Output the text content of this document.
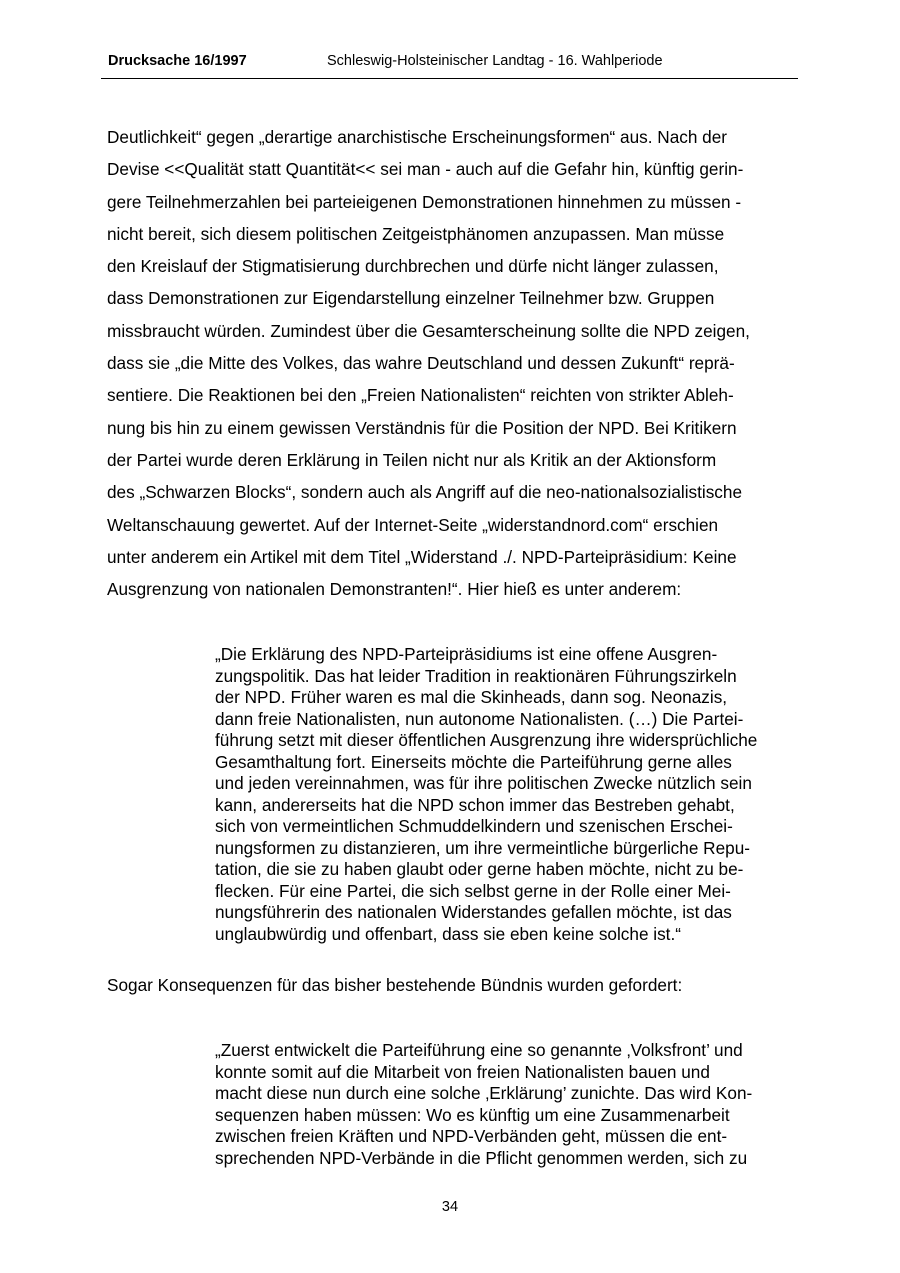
Drucksache 16/1997	Schleswig-Holsteinischer Landtag - 16. Wahlperiode
Deutlichkeit“ gegen „derartige anarchistische Erscheinungsformen“ aus. Nach der
Devise <<Qualität statt Quantität<< sei man - auch auf die Gefahr hin, künftig gerin-
gere Teilnehmerzahlen bei parteieigenen Demonstrationen hinnehmen zu müssen -
nicht bereit, sich diesem politischen Zeitgeistphänomen anzupassen. Man müsse
den Kreislauf der Stigmatisierung durchbrechen und dürfe nicht länger zulassen,
dass Demonstrationen zur Eigendarstellung einzelner Teilnehmer bzw. Gruppen
missbraucht würden. Zumindest über die Gesamterscheinung sollte die NPD zeigen,
dass sie „die Mitte des Volkes, das wahre Deutschland und dessen Zukunft“ reprä-
sentiere. Die Reaktionen bei den „Freien Nationalisten“ reichten von strikter Ableh-
nung bis hin zu einem gewissen Verständnis für die Position der NPD. Bei Kritikern
der Partei wurde deren Erklärung in Teilen nicht nur als Kritik an der Aktionsform
des „Schwarzen Blocks“, sondern auch als Angriff auf die neo-nationalsozialistische
Weltanschauung gewertet. Auf der Internet-Seite „widerstandnord.com“ erschien
unter anderem ein Artikel mit dem Titel „Widerstand ./. NPD-Parteipräsidium: Keine
Ausgrenzung von nationalen Demonstranten!“. Hier hieß es unter anderem:
„Die Erklärung des NPD-Parteipräsidiums ist eine offene Ausgren-
zungspolitik. Das hat leider Tradition in reaktionären Führungszirkeln
der NPD. Früher waren es mal die Skinheads, dann sog. Neonazis,
dann freie Nationalisten, nun autonome Nationalisten. (…) Die Partei-
führung setzt mit dieser öffentlichen Ausgrenzung ihre widersprüchliche
Gesamthaltung fort. Einerseits möchte die Parteiführung gerne alles
und jeden vereinnahmen, was für ihre politischen Zwecke nützlich sein
kann, andererseits hat die NPD schon immer das Bestreben gehabt,
sich von vermeintlichen Schmuddelkindern und szenischen Erschei-
nungsformen zu distanzieren, um ihre vermeintliche bürgerliche Repu-
tation, die sie zu haben glaubt oder gerne haben möchte, nicht zu be-
flecken. Für eine Partei, die sich selbst gerne in der Rolle einer Mei-
nungsführerin des nationalen Widerstandes gefallen möchte, ist das
unglaubwürdig und offenbart, dass sie eben keine solche ist.“
Sogar Konsequenzen für das bisher bestehende Bündnis wurden gefordert:
„Zuerst entwickelt die Parteiführung eine so genannte ‚Volksfront’ und
konnte somit auf die Mitarbeit von freien Nationalisten bauen und
macht diese nun durch eine solche ‚Erklärung’ zunichte. Das wird Kon-
sequenzen haben müssen: Wo es künftig um eine Zusammenarbeit
zwischen freien Kräften und NPD-Verbänden geht, müssen die ent-
sprechenden NPD-Verbände in die Pflicht genommen werden, sich zu
34
